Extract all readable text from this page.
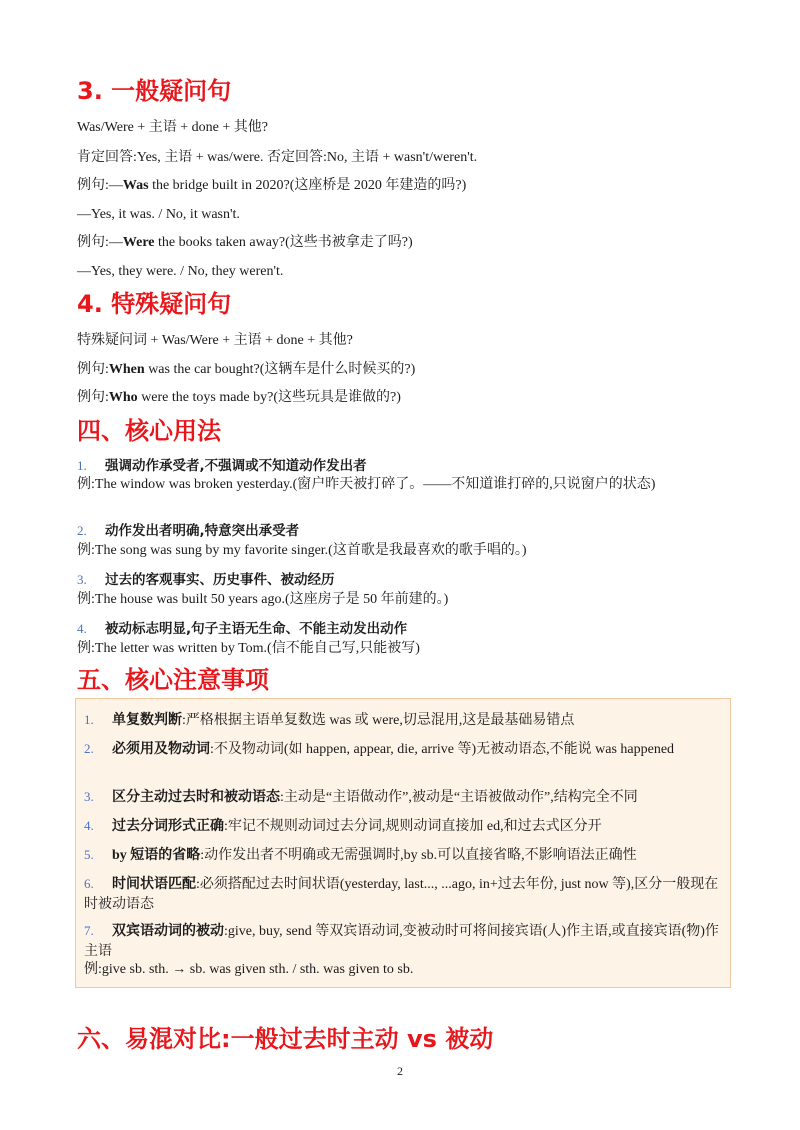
3. 一般疑问句
Was/Were + 主语 + done + 其他?
肯定回答:Yes, 主语 + was/were. 否定回答:No, 主语 + wasn't/weren't.
例句:—Was the bridge built in 2020?(这座桥是 2020 年建造的吗?)
—Yes, it was. / No, it wasn't.
例句:—Were the books taken away?(这些书被拿走了吗?)
—Yes, they were. / No, they weren't.
4. 特殊疑问句
特殊疑问词 + Was/Were + 主语 + done + 其他?
例句:When was the car bought?(这辆车是什么时候买的?)
例句:Who were the toys made by?(这些玩具是谁做的?)
四、核心用法
1. 强调动作承受者,不强调或不知道动作发出者
例:The window was broken yesterday.(窗户昨天被打碎了。——不知道谁打碎的,只说窗户的状态)
2. 动作发出者明确,特意突出承受者
例:The song was sung by my favorite singer.(这首歌是我最喜欢的歌手唱的。)
3. 过去的客观事实、历史事件、被动经历
例:The house was built 50 years ago.(这座房子是 50 年前建的。)
4. 被动标志明显,句子主语无生命、不能主动发出动作
例:The letter was written by Tom.(信不能自己写,只能被写)
五、核心注意事项
1. 单复数判断:严格根据主语单复数选 was 或 were,切忌混用,这是最基础易错点
2. 必须用及物动词:不及物动词(如 happen, appear, die, arrive 等)无被动语态,不能说 was happened
3. 区分主动过去时和被动语态:主动是“主语做动作”,被动是“主语被做动作”,结构完全不同
4. 过去分词形式正确:牢记不规则动词过去分词,规则动词直接加 ed,和过去式区分开
5. by 短语的省略:动作发出者不明确或无需强调时,by sb.可以直接省略,不影响语法正确性
6. 时间状语匹配:必须搭配过去时间状语(yesterday, last..., ...ago, in+过去年份, just now 等),区分一般现在时被动语态
7. 双宾语动词的被动:give, buy, send 等双宾语动词,变被动时可将间接宾语(人)作主语,或直接宾语(物)作主语
例:give sb. sth. → sb. was given sth. / sth. was given to sb.
六、易混对比:一般过去时主动 vs 被动
2
